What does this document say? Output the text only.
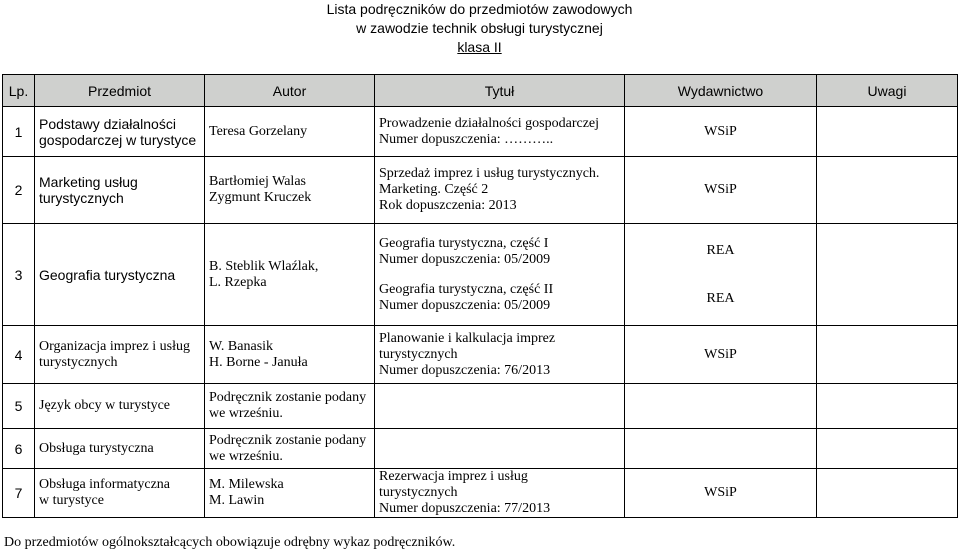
Lista podręczników do przedmiotów zawodowych
w zawodzie technik obsługi turystycznej
klasa II
Lp.	Przedmiot	Autor	Tytuł	Wydawnictwo	Uwagi
1	Podstawy działalności
gospodarczej w turystyce	Teresa Gorzelany	Prowadzenie działalności gospodarczej
Numer dopuszczenia: ………..	WSiP	

2	Marketing usług
turystycznych	Bartłomiej Walas
Zygmunt Kruczek	Sprzedaż imprez i usług turystycznych.
Marketing. Część 2
Rok dopuszczenia: 2013	WSiP	

3	Geografia turystyczna	B. Steblik Wlaźlak,
L. Rzepka	Geografia turystyczna, część I
Numer dopuszczenia: 05/2009
Geografia turystyczna, część II
Numer dopuszczenia: 05/2009	REA
REA	

4	Organizacja imprez i usług
turystycznych	W. Banasik
H. Borne - Januła	Planowanie i kalkulacja imprez
turystycznych
Numer dopuszczenia: 76/2013	WSiP	

5	Język obcy w turystyce	Podręcznik zostanie podany
we wrześniu.			

6	Obsługa turystyczna	Podręcznik zostanie podany
we wrześniu.			

7	Obsługa informatyczna
w turystyce	M. Milewska
M. Lawin	Rezerwacja imprez i usług
turystycznych
Numer dopuszczenia: 77/2013	WSiP	

Do przedmiotów ogólnokształcących obowiązuje odrębny wykaz podręczników.
